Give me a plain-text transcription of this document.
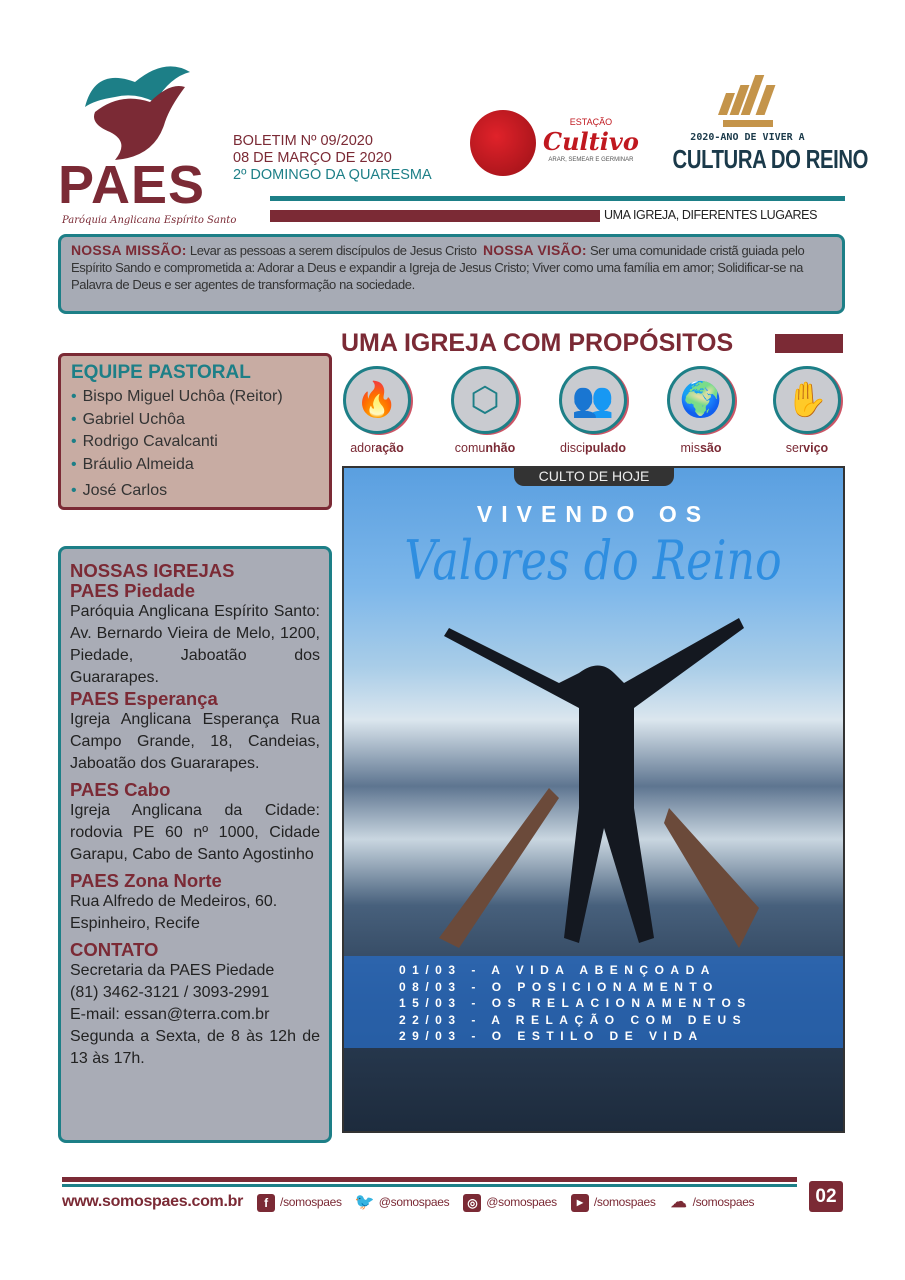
PAES
Paróquia Anglicana Espírito Santo
BOLETIM Nº 09/2020
08 DE MARÇO DE 2020
2º DOMINGO DA QUARESMA
ESTAÇÃO
Cultivo
ARAR, SEMEAR E GERMINAR
2020-ANO DE VIVER A
CULTURA DO REINO
UMA IGREJA, DIFERENTES LUGARES
NOSSA MISSÃO: Levar as pessoas a serem discípulos de Jesus Cristo NOSSA VISÃO: Ser uma comunidade cristã guiada pelo Espírito Sando e comprometida a: Adorar a Deus e expandir a Igreja de Jesus Cristo; Viver como uma família em amor; Solidificar-se na Palavra de Deus e ser agentes de transformação na sociedade.
UMA IGREJA COM PROPÓSITOS
🔥
adoração
⬡
comunhão
👥
discipulado
🌍
missão
✋
serviço
EQUIPE PASTORAL
• Bispo Miguel Uchôa (Reitor)
• Gabriel Uchôa
• Rodrigo Cavalcanti
• Bráulio Almeida
• José Carlos
NOSSAS IGREJAS
PAES Piedade

Paróquia Anglicana Espírito Santo: Av. Bernardo Vieira de Melo, 1200, Piedade, Jaboatão dos Guararapes.

PAES Esperança

Igreja Anglicana Esperança Rua Campo Grande, 18, Candeias, Jaboatão dos Guararapes.

PAES Cabo

Igreja Anglicana da Cidade: rodovia PE 60 nº 1000, Cidade Garapu, Cabo de Santo Agostinho

PAES Zona Norte

Rua Alfredo de Medeiros, 60. Espinheiro, Recife

CONTATO

Secretaria da PAES Piedade

(81) 3462-3121 / 3093-2991

E-mail: essan@terra.com.br

Segunda a Sexta, de 8 às 12h de 13 às 17h.

CULTO DE HOJE
VIVENDO OS
Valores do Reino
01/03 - A VIDA ABENÇOADA
08/03 - O POSICIONAMENTO
15/03 - OS RELACIONAMENTOS
22/03 - A RELAÇÃO COM DEUS
29/03 - O ESTILO DE VIDA
www.somospaes.com.br	f /somospaes 🐦 @somospaes	◎ @somospaes	▶ /somospaes ☁ /somospaes	02
